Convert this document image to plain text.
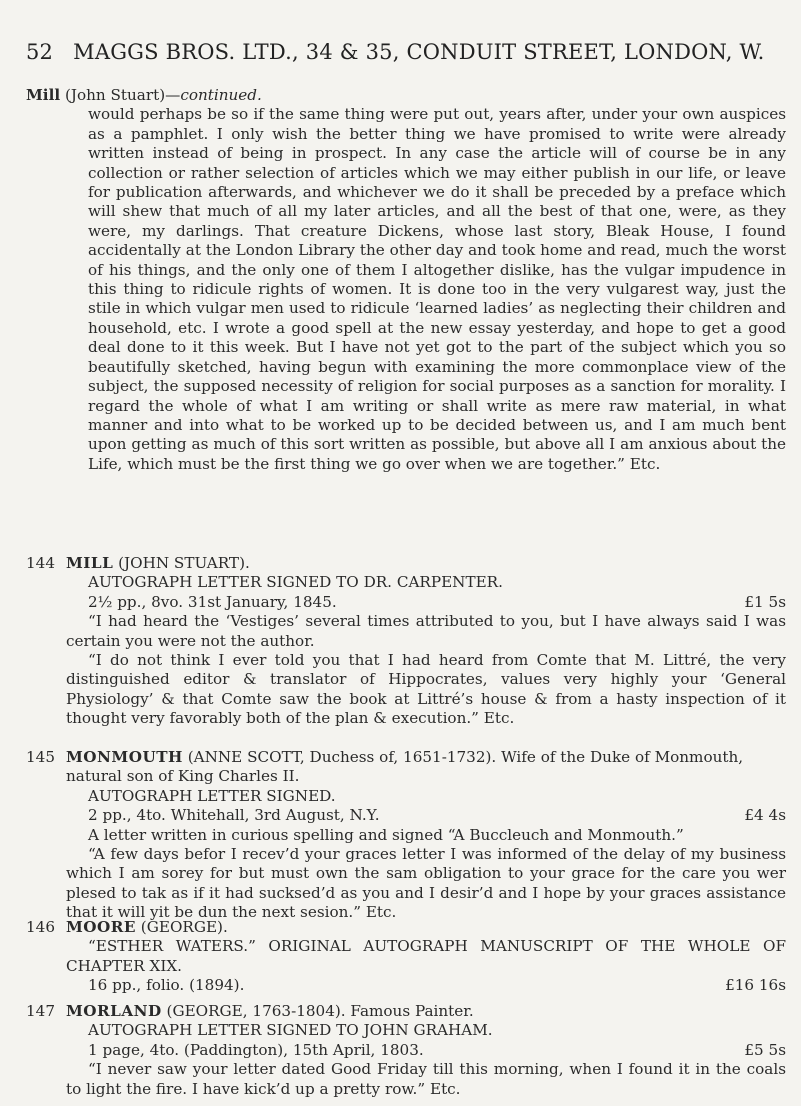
52 MAGGS BROS. LTD., 34 & 35, CONDUIT STREET, LONDON, W.
Mill (John Stuart)—continued.
would perhaps be so if the same thing were put out, years after, under your own auspices as a pamphlet. I only wish the better thing we have promised to write were already written instead of being in prospect. In any case the article will of course be in any collection or rather selection of articles which we may either publish in our life, or leave for publication afterwards, and whichever we do it shall be preceded by a preface which will shew that much of all my later articles, and all the best of that one, were, as they were, my darlings. That creature Dickens, whose last story, Bleak House, I found accidentally at the London Library the other day and took home and read, much the worst of his things, and the only one of them I altogether dislike, has the vulgar impudence in this thing to ridicule rights of women. It is done too in the very vulgarest way, just the stile in which vulgar men used to ridicule ‘learned ladies’ as neglecting their children and household, etc. I wrote a good spell at the new essay yesterday, and hope to get a good deal done to it this week. But I have not yet got to the part of the subject which you so beautifully sketched, having begun with examining the more commonplace view of the subject, the supposed necessity of religion for social purposes as a sanction for morality. I regard the whole of what I am writing or shall write as mere raw material, in what manner and into what to be worked up to be decided between us, and I am much bent upon getting as much of this sort written as possible, but above all I am anxious about the Life, which must be the first thing we go over when we are together.” Etc.
144 MILL (JOHN STUART).
AUTOGRAPH LETTER SIGNED TO DR. CARPENTER.
2½ pp., 8vo. 31st January, 1845.	£1 5s
“I had heard the ‘Vestiges’ several times attributed to you, but I have always said I was certain you were not the author.
“I do not think I ever told you that I had heard from Comte that M. Littré, the very distinguished editor & translator of Hippocrates, values very highly your ‘General Physiology’ & that Comte saw the book at Littré’s house & from a hasty inspection of it thought very favorably both of the plan & execution.” Etc.
145 MONMOUTH (ANNE SCOTT, Duchess of, 1651-1732). Wife of the Duke of Monmouth, natural son of King Charles II.
AUTOGRAPH LETTER SIGNED.
2 pp., 4to. Whitehall, 3rd August, N.Y.	£4 4s
A letter written in curious spelling and signed “A Buccleuch and Monmouth.”
“A few days befor I recev’d your graces letter I was informed of the delay of my business which I am sorey for but must own the sam obligation to your grace for the care you wer plesed to tak as if it had sucksed’d as you and I desir’d and I hope by your graces assistance that it will yit be dun the next sesion.” Etc.
146 MOORE (GEORGE).
“ESTHER WATERS.” ORIGINAL AUTOGRAPH MANUSCRIPT OF THE WHOLE OF CHAPTER XIX.
16 pp., folio. (1894).	£16 16s
147 MORLAND (GEORGE, 1763-1804). Famous Painter.
AUTOGRAPH LETTER SIGNED TO JOHN GRAHAM.
1 page, 4to. (Paddington), 15th April, 1803.	£5 5s
“I never saw your letter dated Good Friday till this morning, when I found it in the coals to light the fire. I have kick’d up a pretty row.” Etc.
